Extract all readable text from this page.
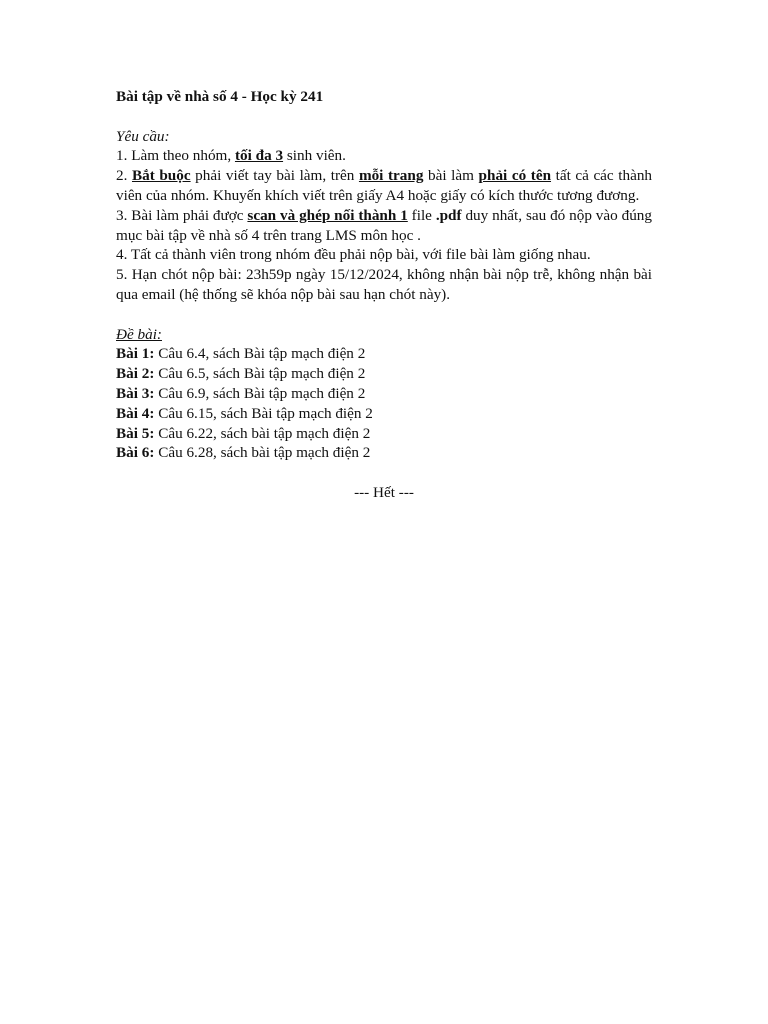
Bài tập về nhà số 4 - Học kỳ 241

Yêu cầu:

1. Làm theo nhóm, tối đa 3 sinh viên.

2. Bắt buộc phải viết tay bài làm, trên mỗi trang bài làm phải có tên tất cả các thành viên của nhóm. Khuyến khích viết trên giấy A4 hoặc giấy có kích thước tương đương.

3. Bài làm phải được scan và ghép nối thành 1 file .pdf duy nhất, sau đó nộp vào đúng mục bài tập về nhà số 4 trên trang LMS môn học .

4. Tất cả thành viên trong nhóm đều phải nộp bài, với file bài làm giống nhau.

5. Hạn chót nộp bài: 23h59p ngày 15/12/2024, không nhận bài nộp trễ, không nhận bài qua email (hệ thống sẽ khóa nộp bài sau hạn chót này).

Đề bài:

Bài 1: Câu 6.4, sách Bài tập mạch điện 2

Bài 2: Câu 6.5, sách Bài tập mạch điện 2

Bài 3: Câu 6.9, sách Bài tập mạch điện 2

Bài 4: Câu 6.15, sách Bài tập mạch điện 2

Bài 5: Câu 6.22, sách bài tập mạch điện 2

Bài 6: Câu 6.28, sách bài tập mạch điện 2

--- Hết ---
